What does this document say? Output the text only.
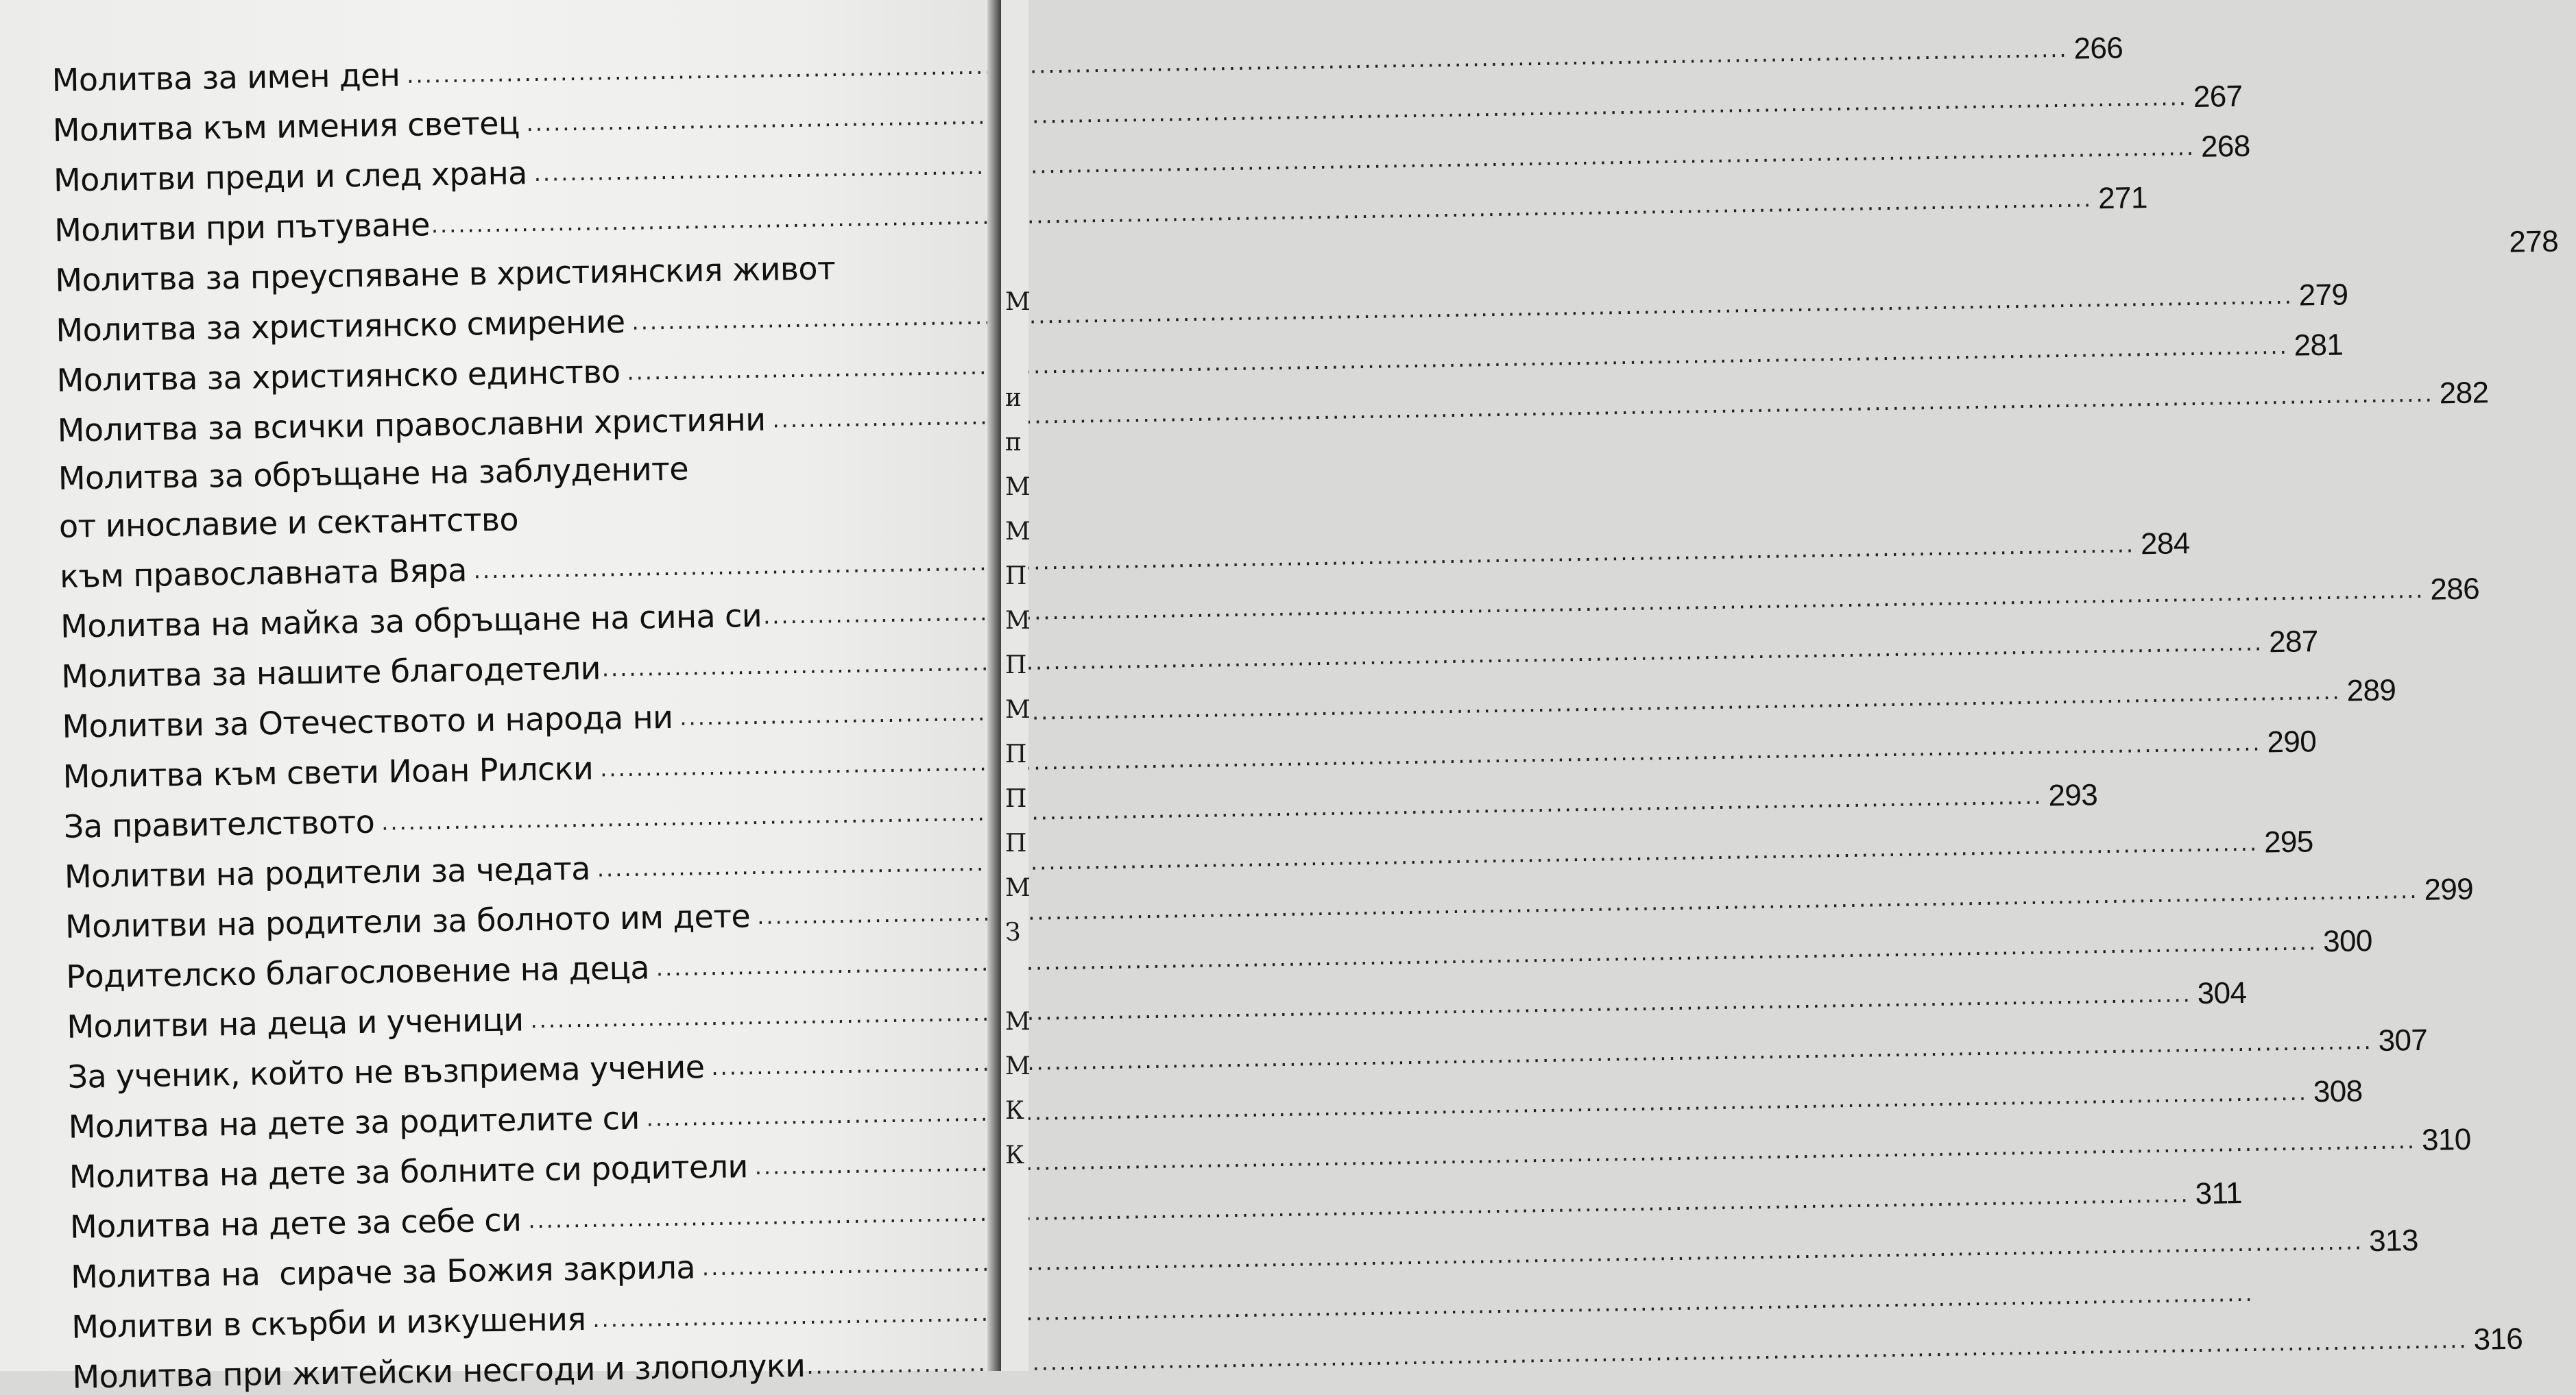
Молитва за имен ден
.....
266
Молитва към имения светец
.....
267
Молитви преди и след храна
.....
268
Молитви при пътуване
.....
271
Молитва за преуспяване в християнския живот
278
Молитва за християнско смирение
.....
279
Молитва за християнско единство
.....
281
Молитва за всички православни християни
.....
282
Молитва за обръщане на заблудените
от инославие и сектантство
към православната Вяра
.....
284
Молитва на майка за обръщане на сина си
.....
286
Молитва за нашите благодетели
.....
287
Молитви за Отечеството и народа ни
.....
289
Молитва към свети Иоан Рилски
.....
290
За правителството
.....
293
Молитви на родители за чедата
.....
295
Молитви на родители за болното им дете
.....
299
Родителско благословение на деца
.....
300
Молитви на деца и ученици
.....
304
За ученик, който не възприема учение
.....
307
Молитва на дете за родителите си
.....
308
Молитва на дете за болните си родители
.....
310
Молитва на дете за себе си
.....
311
Молитва на  сираче за Божия закрила
.....
313
Молитви в скърби и изкушения
.....
Молитва при житейски несгоди и злополуки
.....
316
М
и
п
М
М
П
М
П
М
П
П
П
М
З
М
М
К
К
